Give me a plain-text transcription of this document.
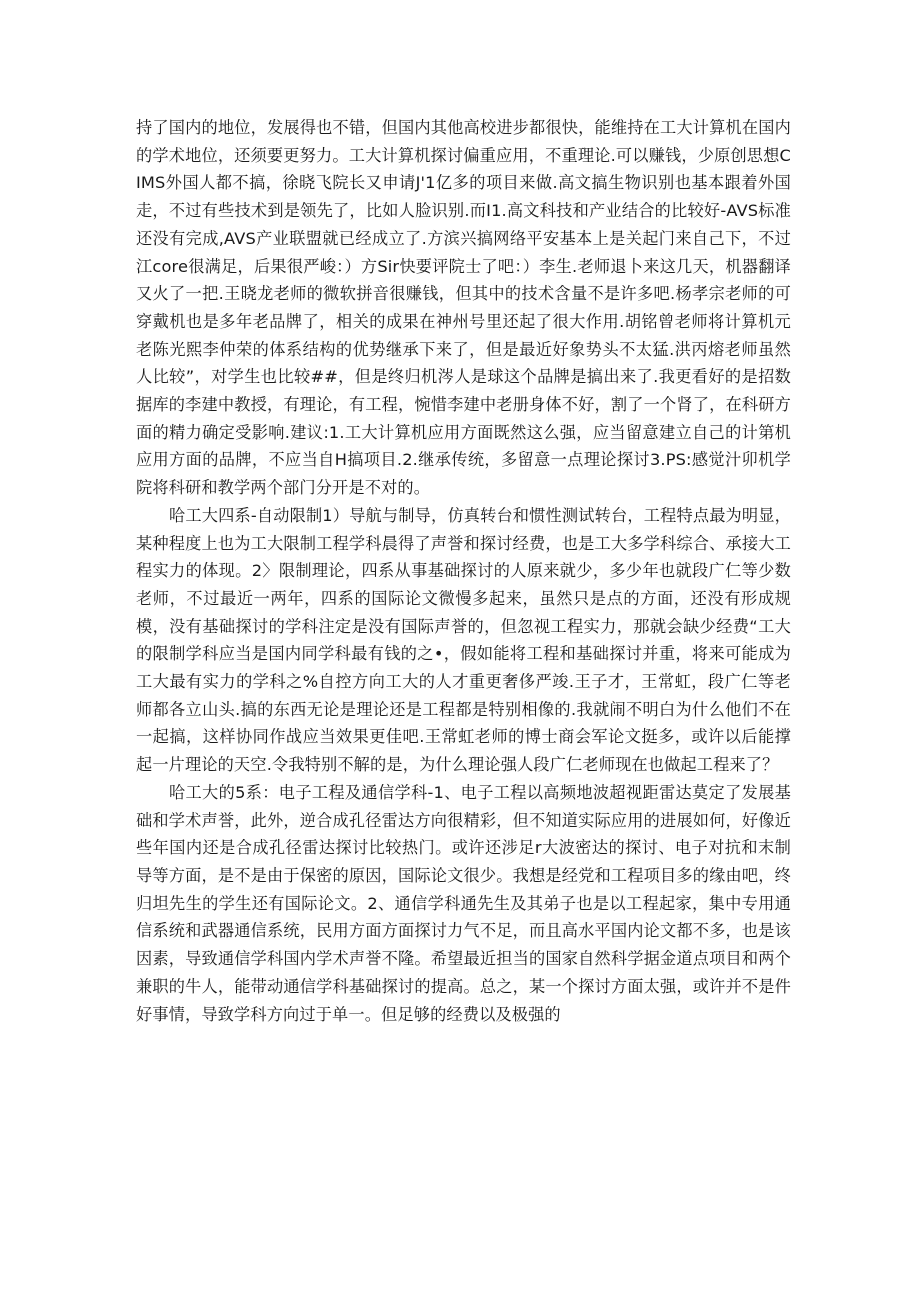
持了国内的地位，发展得也不错，但国内其他高校进步都很快，能维持在工大计算机在国内的学术地位，还须要更努力。工大计算机探讨偏重应用，不重理论.可以赚钱，少原创思想CIMS外国人都不搞，徐晓飞院长又申请J'1亿多的项目来做.高文搞生物识别也基本跟着外国走，不过有些技术到是领先了，比如人脸识别.而I1.高文科技和产业结合的比较好-AVS标准还没有完成,AVS产业联盟就已经成立了.方滨兴搞网络平安基本上是关起门来自己下，不过江core很满足，后果很严峻：）方Sir快要评院士了吧：）李生.老师退卜来这几天，机器翻译又火了一把.王晓龙老师的微软拼音很赚钱，但其中的技术含量不是许多吧.杨孝宗老师的可穿戴机也是多年老品牌了，相关的成果在神州号里还起了很大作用.胡铭曾老师将计算机元老陈光熙李仲荣的体系结构的优势继承下来了，但是最近好象势头不太猛.洪丙熔老师虽然人比较”，对学生也比较##，但是终归机涔人是球这个品牌是搞出来了.我更看好的是招数据库的李建中教授，有理论，有工程，惋惜李建中老册身体不好，割了一个肾了，在科研方面的精力确定受影响.建议:1.工大计算机应用方面既然这么强，应当留意建立自己的计第机应用方面的品牌，不应当自H搞项目.2.继承传统，多留意一点理论探讨3.PS:感觉汁卯机学院将科研和教学两个部门分开是不对的。

哈工大四系-自动限制1）导航与制导，仿真转台和惯性测试转台，工程特点最为明显，某种程度上也为工大限制工程学科晨得了声誉和探讨经费，也是工大多学科综合、承接大工程实力的体现。2〉限制理论，四系从事基础探讨的人原来就少，多少年也就段广仁等少数老师，不过最近一两年，四系的国际论文微慢多起来，虽然只是点的方面，还没有形成规模，没有基础探讨的学科注定是没有国际声誉的，但忽视工程实力，那就会缺少经费“工大的限制学科应当是国内同学科最有钱的之•，假如能将工程和基础探讨并重，将来可能成为工大最有实力的学科之%自控方向工大的人才重更奢侈严竣.王子才，王常虹，段广仁等老师都各立山头.搞的东西无论是理论还是工程都是特别相像的.我就闹不明白为什么他们不在一起搞，这样协同作战应当效果更佳吧.王常虹老师的博士商会军论文挺多，或许以后能撑起一片理论的天空.令我特别不解的是，为什么理论强人段广仁老师现在也做起工程来了？

哈工大的5系：电子工程及通信学科-1、电子工程以高频地波超视距雷达莫定了发展基础和学术声誉，此外，逆合成孔径雷达方向很精彩，但不知道实际应用的进展如何，好像近些年国内还是合成孔径雷达探讨比较热门。或许还涉足r大波密达的探讨、电子对抗和末制导等方面，是不是由于保密的原因，国际论文很少。我想是经党和工程项目多的缘由吧，终归坦先生的学生还有国际论文。2、通信学科通先生及其弟子也是以工程起家，集中专用通信系统和武器通信系统，民用方面方面探讨力气不足，而且高水平国内论文都不多，也是该因素，导致通信学科国内学术声誉不隆。希望最近担当的国家自然科学据金道点项目和两个兼职的牛人，能带动通信学科基础探讨的提高。总之，某一个探讨方面太强，或许并不是件好事情，导致学科方向过于单一。但足够的经费以及极强的
